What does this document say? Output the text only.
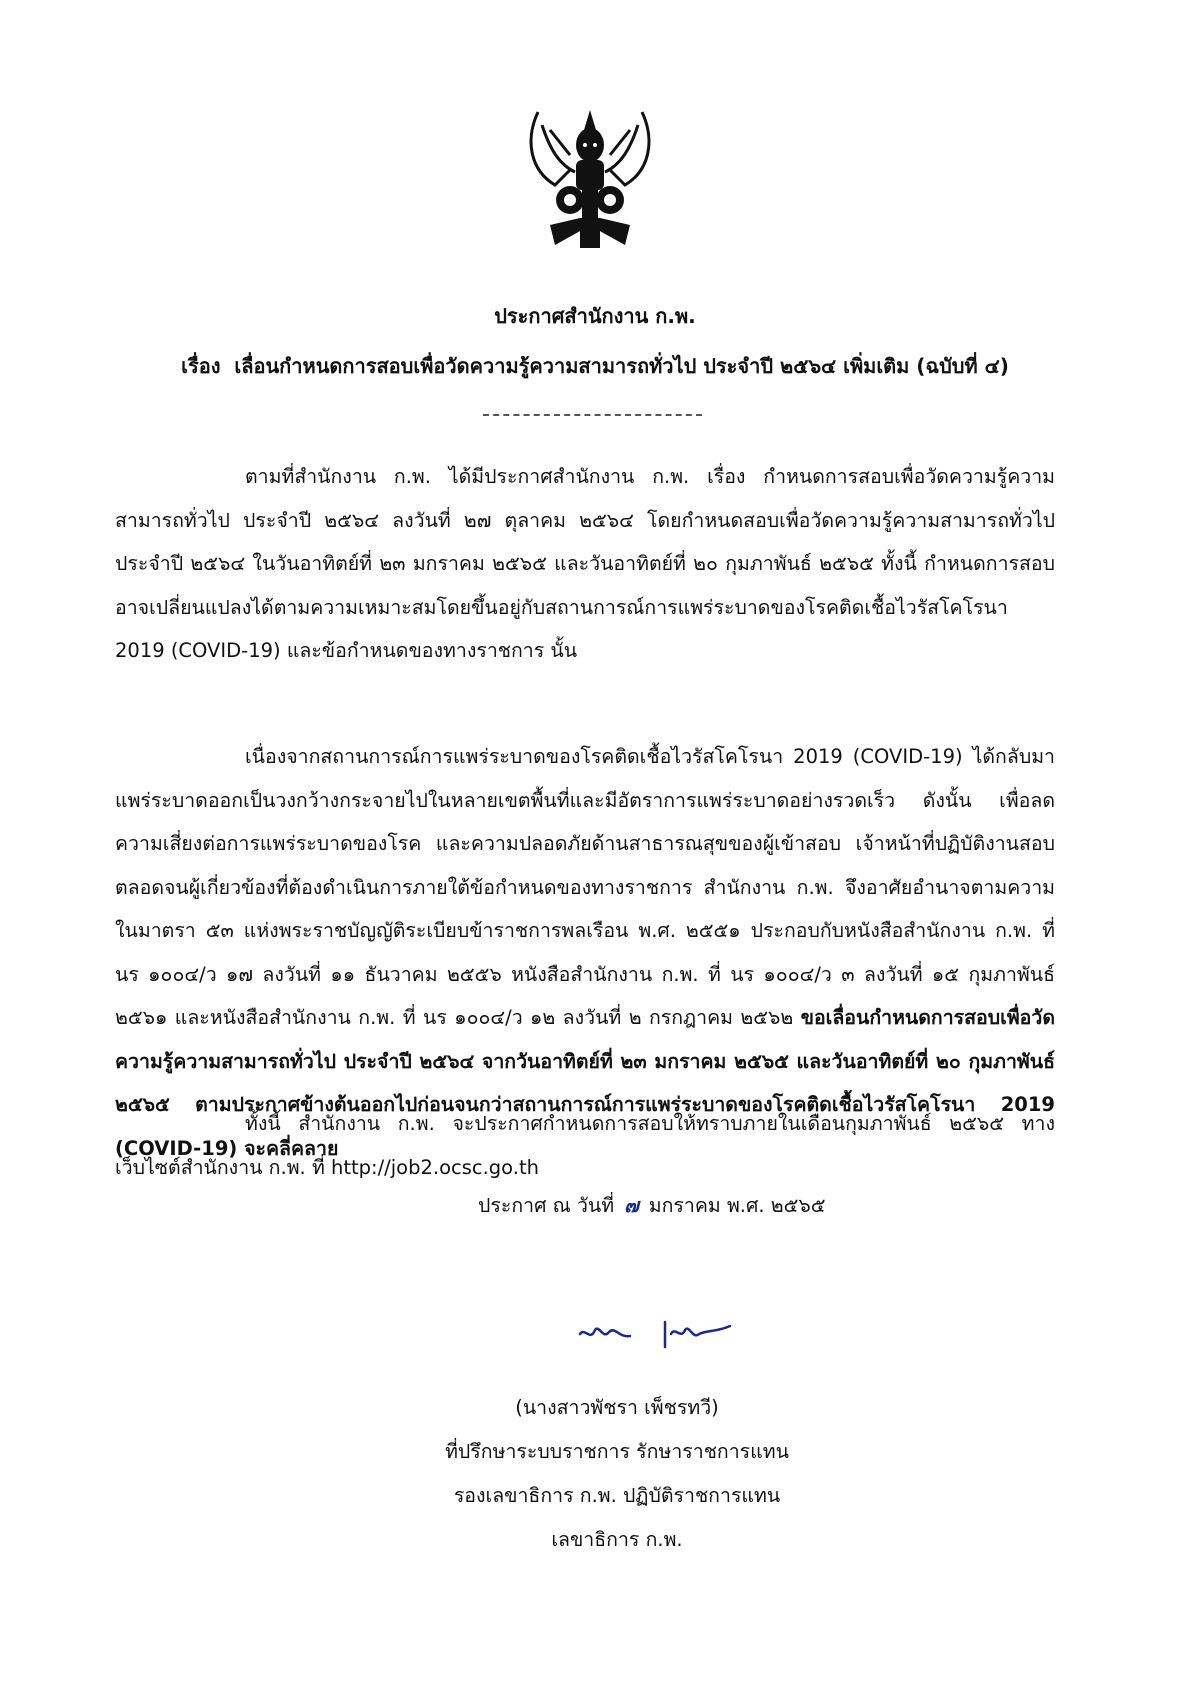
ประกาศสำนักงาน ก.พ.
เรื่อง เลื่อนกำหนดการสอบเพื่อวัดความรู้ความสามารถทั่วไป ประจำปี ๒๕๖๔ เพิ่มเติม (ฉบับที่ ๔)
ตามที่สำนักงาน ก.พ. ได้มีประกาศสำนักงาน ก.พ. เรื่อง กำหนดการสอบเพื่อวัดความรู้ความสามารถทั่วไป ประจำปี ๒๕๖๔ ลงวันที่ ๒๗ ตุลาคม ๒๕๖๔ โดยกำหนดสอบเพื่อวัดความรู้ความสามารถทั่วไป ประจำปี ๒๕๖๔ ในวันอาทิตย์ที่ ๒๓ มกราคม ๒๕๖๕ และวันอาทิตย์ที่ ๒๐ กุมภาพันธ์ ๒๕๖๕ ทั้งนี้ กำหนดการสอบอาจเปลี่ยนแปลงได้ตามความเหมาะสมโดยขึ้นอยู่กับสถานการณ์การแพร่ระบาดของโรคติดเชื้อไวรัสโคโรนา 2019 (COVID-19) และข้อกำหนดของทางราชการ นั้น
เนื่องจากสถานการณ์การแพร่ระบาดของโรคติดเชื้อไวรัสโคโรนา 2019 (COVID-19) ได้กลับมาแพร่ระบาดออกเป็นวงกว้างกระจายไปในหลายเขตพื้นที่และมีอัตราการแพร่ระบาดอย่างรวดเร็ว ดังนั้น เพื่อลดความเสี่ยงต่อการแพร่ระบาดของโรค และความปลอดภัยด้านสาธารณสุขของผู้เข้าสอบ เจ้าหน้าที่ปฏิบัติงานสอบ ตลอดจนผู้เกี่ยวข้องที่ต้องดำเนินการภายใต้ข้อกำหนดของทางราชการ สำนักงาน ก.พ. จึงอาศัยอำนาจตามความในมาตรา ๕๓ แห่งพระราชบัญญัติระเบียบข้าราชการพลเรือน พ.ศ. ๒๕๕๑ ประกอบกับหนังสือสำนักงาน ก.พ. ที่ นร ๑๐๐๔/ว ๑๗ ลงวันที่ ๑๑ ธันวาคม ๒๕๕๖ หนังสือสำนักงาน ก.พ. ที่ นร ๑๐๐๔/ว ๓ ลงวันที่ ๑๕ กุมภาพันธ์ ๒๕๖๑ และหนังสือสำนักงาน ก.พ. ที่ นร ๑๐๐๔/ว ๑๒ ลงวันที่ ๒ กรกฎาคม ๒๕๖๒ ขอเลื่อนกำหนดการสอบเพื่อวัดความรู้ความสามารถทั่วไป ประจำปี ๒๕๖๔ จากวันอาทิตย์ที่ ๒๓ มกราคม ๒๕๖๕ และวันอาทิตย์ที่ ๒๐ กุมภาพันธ์ ๒๕๖๕ ตามประกาศข้างต้นออกไปก่อนจนกว่าสถานการณ์การแพร่ระบาดของโรคติดเชื้อไวรัสโคโรนา 2019 (COVID-19) จะคลี่คลาย
ทั้งนี้ สำนักงาน ก.พ. จะประกาศกำหนดการสอบให้ทราบภายในเดือนกุมภาพันธ์ ๒๕๖๕ ทางเว็บไซต์สำนักงาน ก.พ. ที่ http://job2.ocsc.go.th
ประกาศ ณ วันที่ ๗ มกราคม พ.ศ. ๒๕๖๕
(นางสาวพัชรา เพ็ชรทวี)
ที่ปรึกษาระบบราชการ รักษาราชการแทน
รองเลขาธิการ ก.พ. ปฏิบัติราชการแทน
เลขาธิการ ก.พ.
